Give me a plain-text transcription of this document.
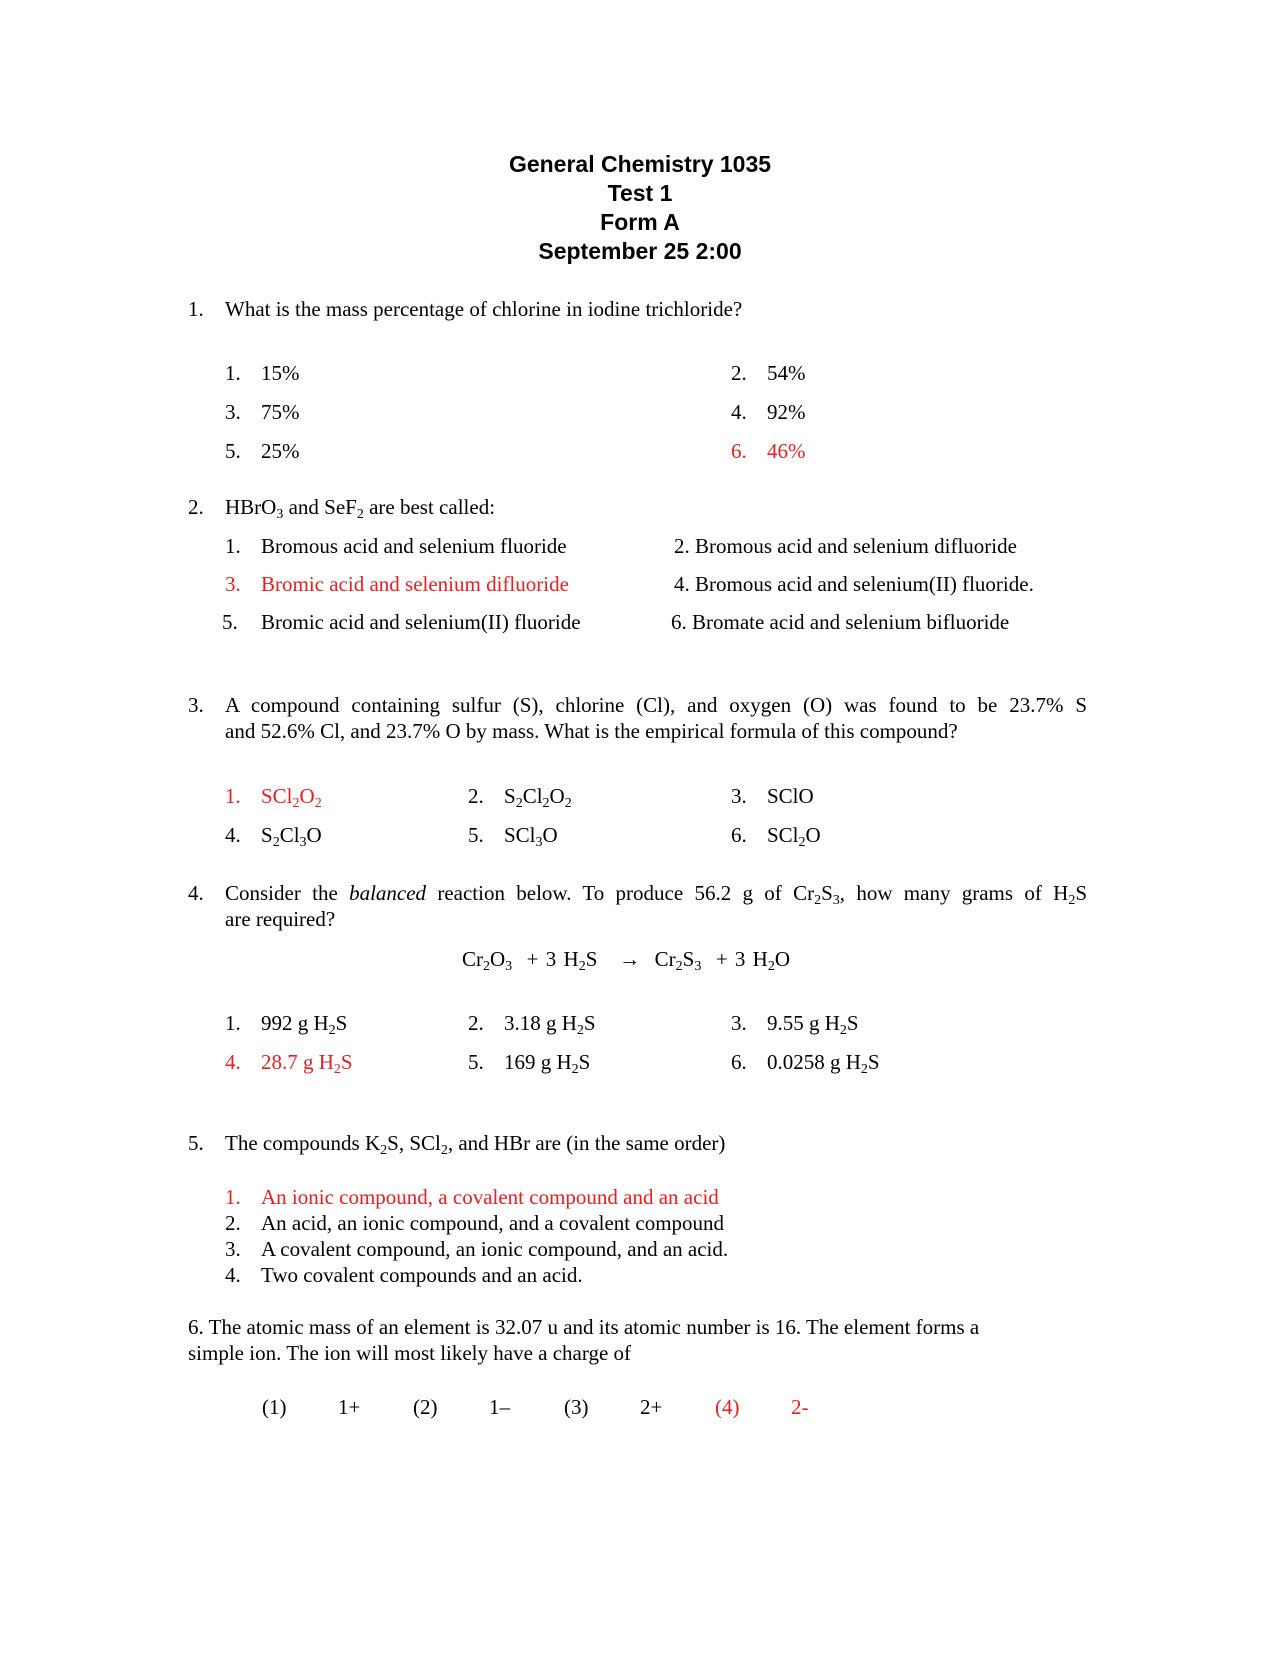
General Chemistry 1035
Test 1
Form A
September 25 2:00
1. What is the mass percentage of chlorine in iodine trichloride?
1. 15%	2. 54%
3. 75%	4. 92%
5. 25%	6. 46%
2. HBrO$_3$ and SeF$_2$ are best called:
1. Bromous acid and selenium fluoride	2. Bromous acid and selenium difluoride
3. Bromic acid and selenium difluoride	4. Bromous acid and selenium(II) fluoride.
5. Bromic acid and selenium(II) fluoride	6. Bromate acid and selenium bifluoride
3. A compound containing sulfur (S), chlorine (Cl), and oxygen (O) was found to be 23.7% S
and 52.6% Cl, and 23.7% O by mass. What is the empirical formula of this compound?
1. $SCl_2O_2$	2. $S_2Cl_2O_2$	3. SClO
4. $S_2Cl_3O$	5. SCl$_3$O	6. SCl$_2$O
4. Consider the balanced reaction below. To produce 56.2 g of $Cr_2S_3$, how many grams of $H_2S$
are required?
$Cr_2O_3 + 3$ $H_2S \to Cr_2S_3 + 3$ $H_2O$
1. 992 g $H_2S$	2. 3.18 g $H_2S$	3. 9.55 g $H_2S$
4. 28.7 g $H_2S$	5. 169 g $H_2S$	6. 0.0258 g $H_2S$
5. The compounds $K_2S$, SCl$_2$, and HBr are (in the same order)
1. An ionic compound, a covalent compound and an acid
2. An acid, an ionic compound, and a covalent compound
3. A covalent compound, an ionic compound, and an acid.
4. Two covalent compounds and an acid.
6. The atomic mass of an element is 32.07 u and its atomic number is 16. The element forms a
simple ion. The ion will most likely have a charge of
(1) 1+	(2) 1–	(3) 2+	(4) 2-
